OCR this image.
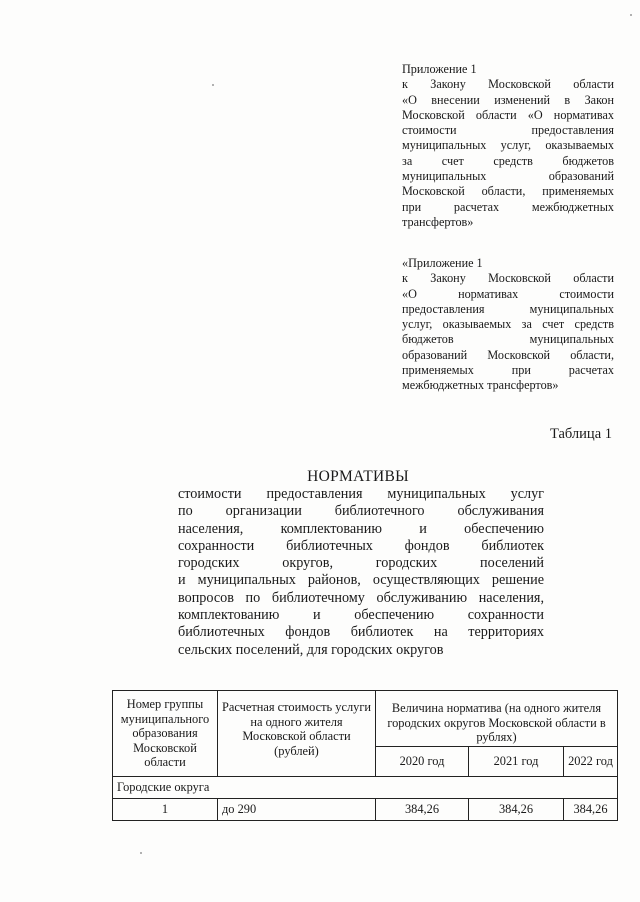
Приложение 1
к Закону Московской области
«О внесении изменений в Закон
Московской области «О нормативах
стоимости предоставления
муниципальных услуг, оказываемых
за счет средств бюджетов
муниципальных образований
Московской области, применяемых
при расчетах межбюджетных
трансфертов»
«Приложение 1
к Закону Московской области
«О нормативах стоимости
предоставления муниципальных
услуг, оказываемых за счет средств
бюджетов муниципальных
образований Московской области,
применяемых при расчетах
межбюджетных трансфертов»
Таблица 1
НОРМАТИВЫ
стоимости предоставления муниципальных услуг
по организации библиотечного обслуживания
населения, комплектованию и обеспечению
сохранности библиотечных фондов библиотек
городских округов, городских поселений
и муниципальных районов, осуществляющих решение
вопросов по библиотечному обслуживанию населения,
комплектованию и обеспечению сохранности
библиотечных фондов библиотек на территориях
сельских поселений, для городских округов
Номер группы муниципального образования Московской области	Расчетная стоимость услуги на одного жителя Московской области (рублей)	Величина норматива (на одного жителя городских округов Московской области в рублях)		
		2020 год	2021 год	2022 год
Городские округа				
1	до 290	384,26	384,26	384,26
